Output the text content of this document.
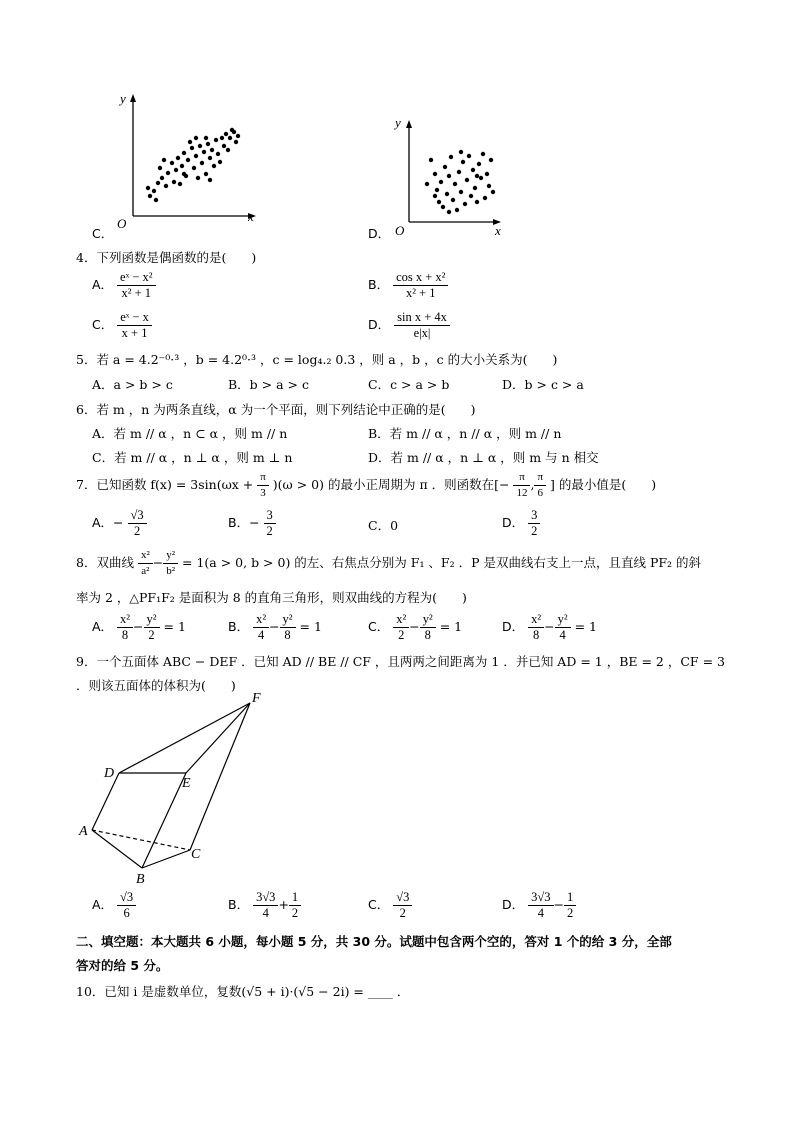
y
O	x
C．
y
O	x
D．
4．下列函数是偶函数的是(　　)
A． $\frac{\text{eˣ − x²}}{\text{x² + 1}}$	B． $\frac{\text{cos x + x²}}{\text{x² + 1}}$
C． $\frac{\text{eˣ − x}}{x + 1}$	D． $\frac{\text{sin x + 4x}}{e|x|}$
5．若 a = 4.2⁻⁰·³ ，b = 4.2⁰·³ ，c = log₄.₂ 0.3 ，则 a ，b ，c 的大小关系为(　　)
A．a > b > c	B．b > a > c	C．c > a > b	D．b > c > a
6．若 m ，n 为两条直线，α 为一个平面，则下列结论中正确的是(　　)
A．若 m // α ，n ⊂ α ，则 m // n	B．若 m // α ，n // α ，则 m // n
C．若 m // α ，n ⊥ α ，则 m ⊥ n	D．若 m // α ，n ⊥ α ，则 m 与 n 相交
7．已知函数 $f(x) = 3\sin(\omega x + \frac{\pi}{3} )(\omega > 0)$ 的最小正周期为 π ．则函数在[− $\frac{\pi}{12}$ , $\frac{\pi}{6}$ ] 的最小值是(　　)
A．− $\frac{√3}{2}$	B．− $\frac{3}{2}$	C．0	D． $\frac{3}{2}$
8．双曲线 $\frac{\text{x²}}{\text{a²}} - \frac{\text{y²}}{\text{b²}} = 1(a > 0$, b > 0) 的左、右焦点分别为 F₁ 、F₂ ．P 是双曲线右支上一点，且直线 PF₂ 的斜
率为 2 ，△PF₁F₂ 是面积为 8 的直角三角形，则双曲线的方程为(　　)
A． $\frac{\text{x²}}{8} - \frac{\text{y²}}{2} = 1$	B． $\frac{\text{x²}}{4} - \frac{\text{y²}}{8} = 1$	C． $\frac{\text{x²}}{2} - \frac{\text{y²}}{8} = 1$	D． $\frac{\text{x²}}{8} - \frac{\text{y²}}{4} = 1$
9．一个五面体 ABC − DEF ．已知 AD // BE // CF ，且两两之间距离为 1 ．并已知 AD = 1 ，BE = 2 ，CF = 3
．则该五面体的体积为(　　)
D
E
F
A
B
C
A． $\frac{√3}{6}$	B． $\frac{3√3}{4} + \frac{1}{2}$	C． $\frac{√3}{2}$	D． $\frac{3√3}{4} - \frac{1}{2}$
二、填空题：本大题共 6 小题，每小题 5 分，共 30 分。试题中包含两个空的，答对 1 个的给 3 分，全部
答对的给 5 分。
10．已知 i 是虚数单位，复数(√5 + i)·(√5 − 2i) = ____ ．
